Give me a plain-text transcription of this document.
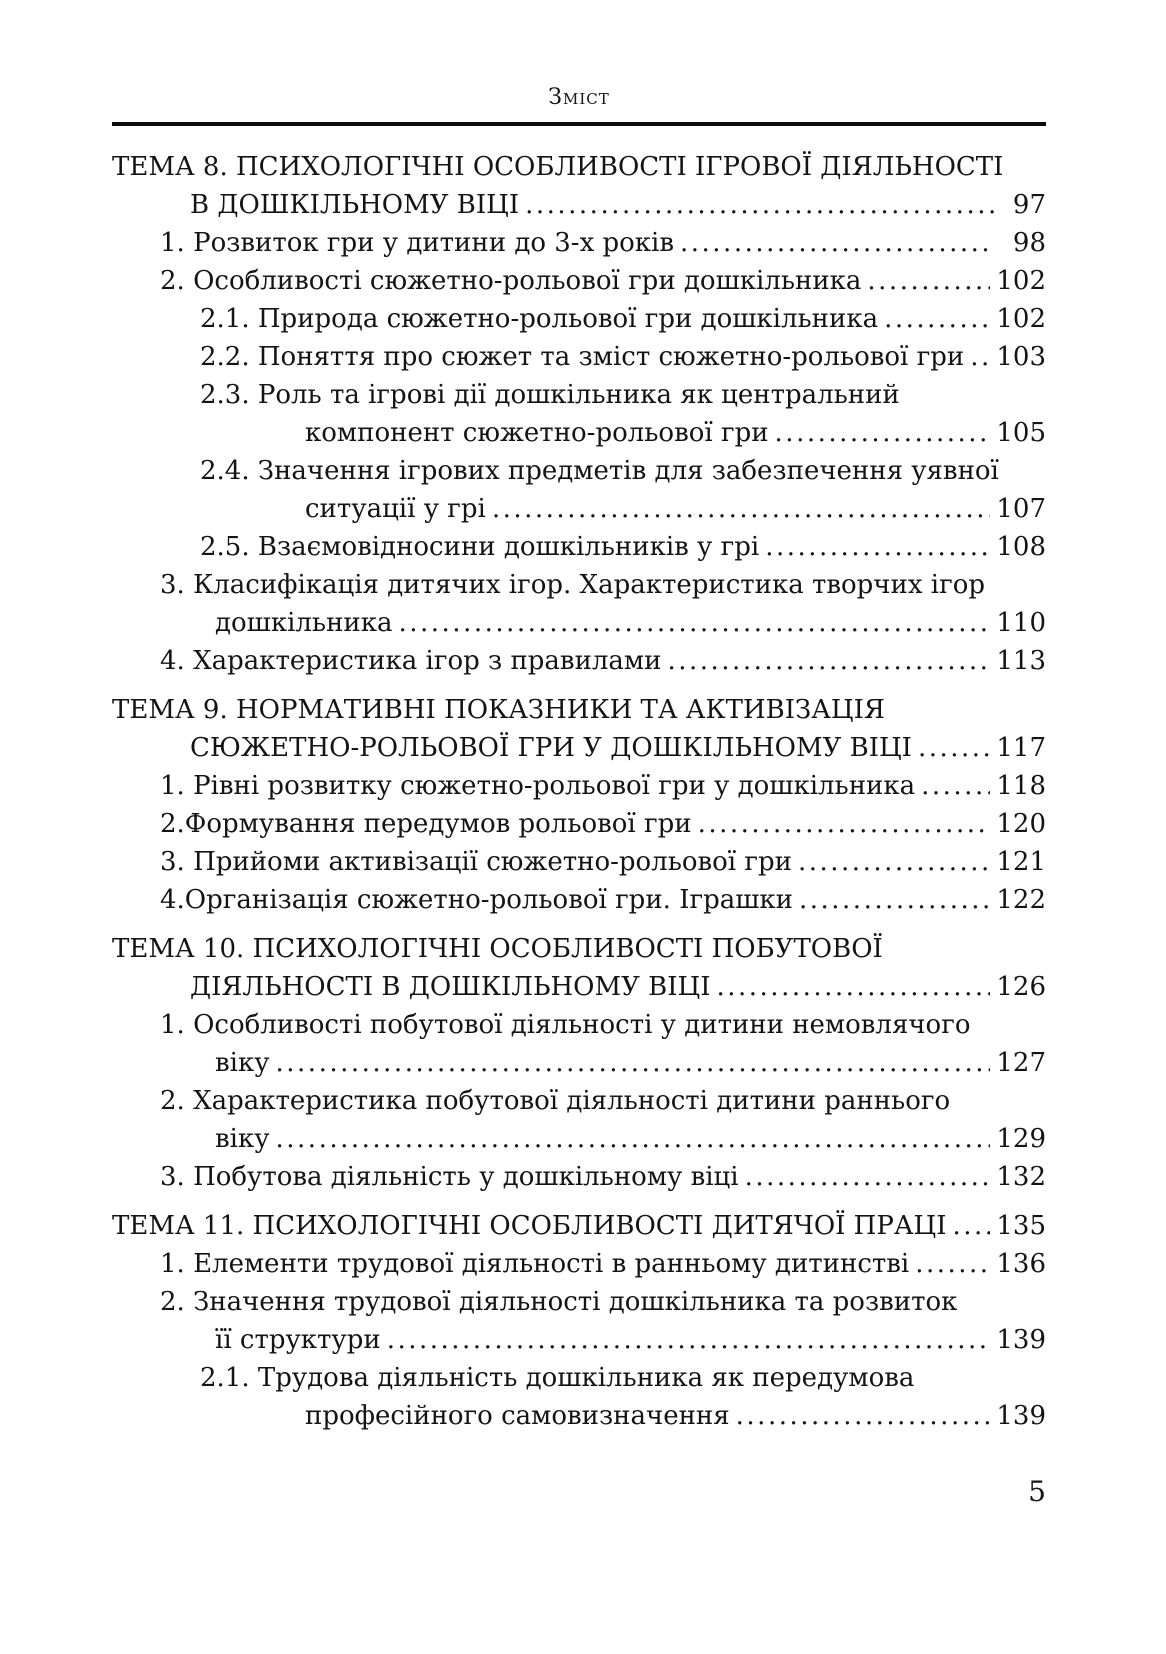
Зміст
ТЕМА 8. ПСИХОЛОГІЧНІ ОСОБЛИВОСТІ ІГРОВОЇ ДІЯЛЬНОСТІ
В ДОШКІЛЬНОМУ ВІЦІ .....	97
1. Розвиток гри у дитини до 3-х років .....	98
2. Особливості сюжетно-рольової гри дошкільника .....	102
2.1. Природа сюжетно-рольової гри дошкільника .....	102
2.2. Поняття про сюжет та зміст сюжетно-рольової гри ..... 103
2.3. Роль та ігрові дії дошкільника як центральний
компонент сюжетно-рольової гри .....	105
2.4. Значення ігрових предметів для забезпечення уявної
ситуації у грі .....	107
2.5. Взаємовідносини дошкільників у грі .....	108
3. Класифікація дитячих ігор. Характеристика творчих ігор
дошкільника .....	110
4. Характеристика ігор з правилами .....	113
ТЕМА 9. НОРМАТИВНІ ПОКАЗНИКИ ТА АКТИВІЗАЦІЯ
СЮЖЕТНО-РОЛЬОВОЇ ГРИ У ДОШКІЛЬНОМУ ВІЦІ .....	117
1. Рівні розвитку сюжетно-рольової гри у дошкільника .....	118
2.Формування передумов рольової гри .....	120
3. Прийоми активізації сюжетно-рольової гри .....	121
4.Організація сюжетно-рольової гри. Іграшки .....	122
ТЕМА 10. ПСИХОЛОГІЧНІ ОСОБЛИВОСТІ ПОБУТОВОЇ
ДІЯЛЬНОСТІ В ДОШКІЛЬНОМУ ВІЦІ .....	126
1. Особливості побутової діяльності у дитини немовлячого
віку .....	127
2. Характеристика побутової діяльності дитини раннього
віку .....	129
3. Побутова діяльність у дошкільному віці .....	132
ТЕМА 11. ПСИХОЛОГІЧНІ ОСОБЛИВОСТІ ДИТЯЧОЇ ПРАЦІ ..... 135
1. Елементи трудової діяльності в ранньому дитинстві .....	136
2. Значення трудової діяльності дошкільника та розвиток
її структури .....	139
2.1. Трудова діяльність дошкільника як передумова
професійного самовизначення .....	139
5
